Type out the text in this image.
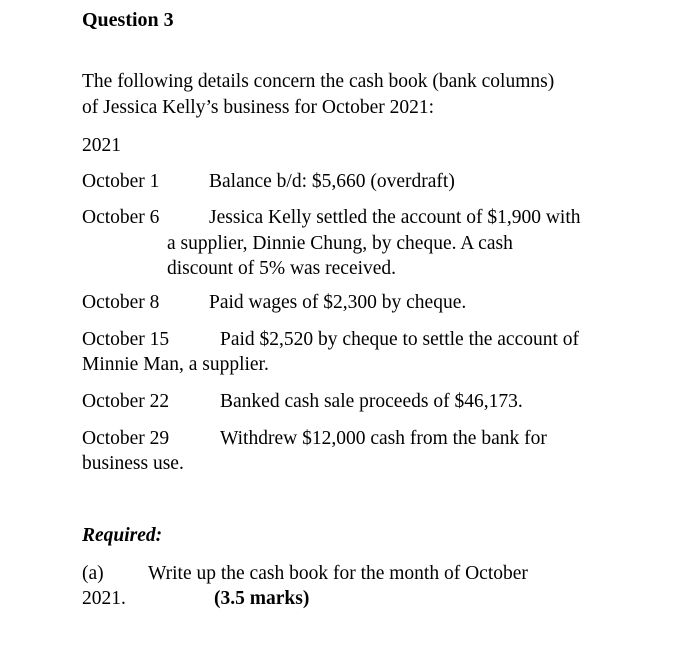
Question 3
The following details concern the cash book (bank columns)
of Jessica Kelly’s business for October 2021:
2021
October 1	Balance b/d: $5,660 (overdraft)
October 6	Jessica Kelly settled the account of $1,900 with
a supplier, Dinnie Chung, by cheque. A cash
discount of 5% was received.
October 8	Paid wages of $2,300 by cheque.
October 15	Paid $2,520 by cheque to settle the account of
Minnie Man, a supplier.
October 22	Banked cash sale proceeds of $46,173.
October 29	Withdrew $12,000 cash from the bank for
business use.
Required:
(a) Write up the cash book for the month of October
2021.	(3.5 marks)
